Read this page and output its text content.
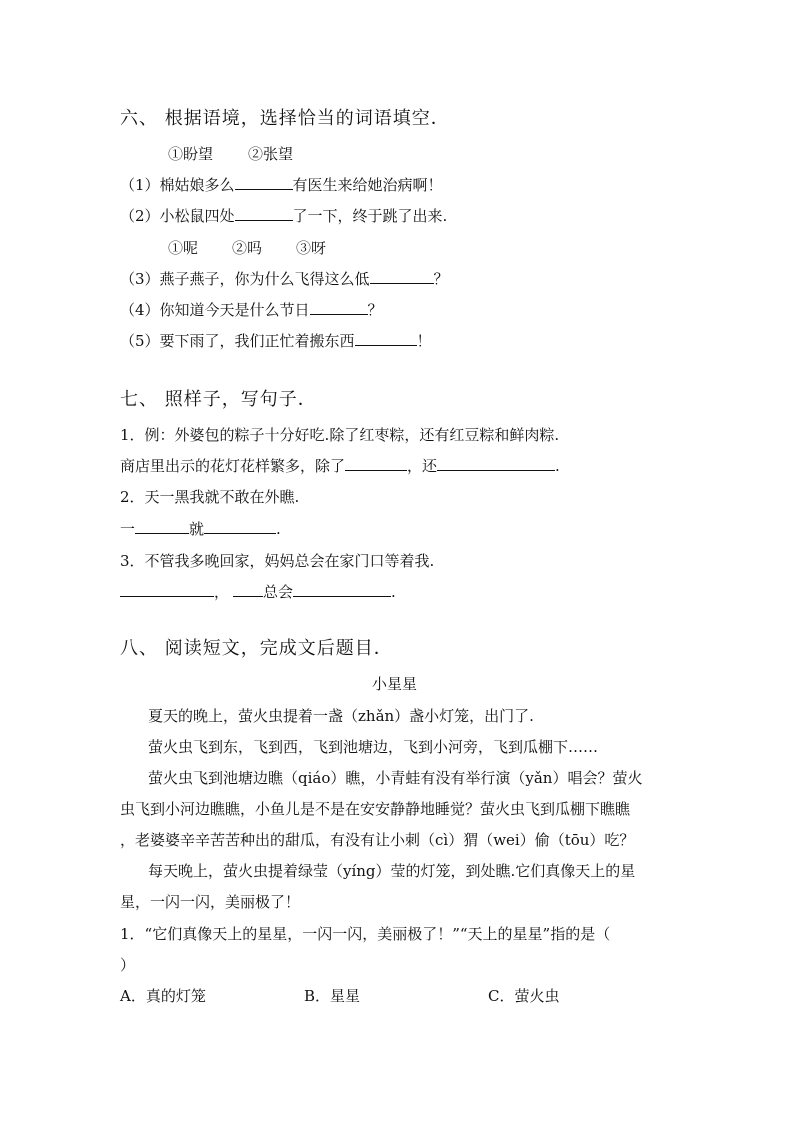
六、 根据语境，选择恰当的词语填空．
①盼望 ②张望
（1）棉姑娘多么	有医生来给她治病啊！
（2）小松鼠四处	了一下，终于跳了出来.
①呢 ②吗 ③呀
（3）燕子燕子，你为什么飞得这么低	？
（4）你知道今天是什么节日	？
（5）要下雨了，我们正忙着搬东西	！
七、 照样子，写句子．
1．例：外婆包的粽子十分好吃.除了红枣粽，还有红豆粽和鲜肉粽.
商店里出示的花灯花样繁多，除了	，还	.
2．天一黑我就不敢在外瞧.
一	就	.
3．不管我多晚回家，妈妈总会在家门口等着我.
， 总会	.
八、 阅读短文，完成文后题目．
小星星
夏天的晚上，萤火虫提着一盏（zhǎn）盏小灯笼，出门了.
萤火虫飞到东，飞到西，飞到池塘边，飞到小河旁，飞到瓜棚下……
萤火虫飞到池塘边瞧（qiáo）瞧，小青蛙有没有举行演（yǎn）唱会？萤火
虫飞到小河边瞧瞧，小鱼儿是不是在安安静静地睡觉？萤火虫飞到瓜棚下瞧瞧
，老婆婆辛辛苦苦种出的甜瓜，有没有让小刺（cì）猬（wei）偷（tōu）吃？
每天晚上，萤火虫提着绿莹（yíng）莹的灯笼，到处瞧.它们真像天上的星
星，一闪一闪，美丽极了！
1．“它们真像天上的星星，一闪一闪，美丽极了！”“天上的星星”指的是（
）
A．真的灯笼	B．星星	C．萤火虫
